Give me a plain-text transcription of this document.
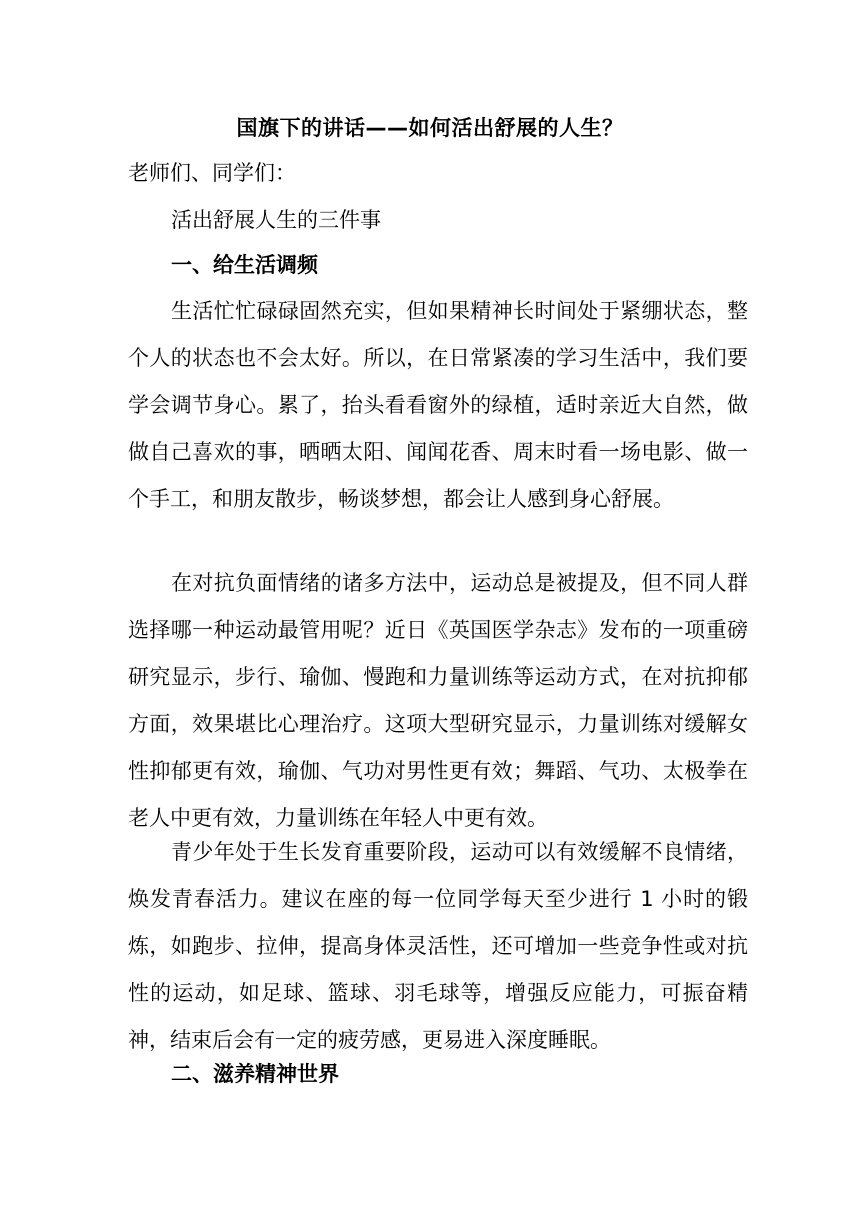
国旗下的讲话——如何活出舒展的人生？
老师们、同学们：
活出舒展人生的三件事
一、给生活调频
生活忙忙碌碌固然充实，但如果精神长时间处于紧绷状态，整个人的状态也不会太好。所以，在日常紧凑的学习生活中，我们要学会调节身心。累了，抬头看看窗外的绿植，适时亲近大自然，做做自己喜欢的事，晒晒太阳、闻闻花香、周末时看一场电影、做一个手工，和朋友散步，畅谈梦想，都会让人感到身心舒展。
在对抗负面情绪的诸多方法中，运动总是被提及，但不同人群选择哪一种运动最管用呢？近日《英国医学杂志》发布的一项重磅研究显示，步行、瑜伽、慢跑和力量训练等运动方式，在对抗抑郁方面，效果堪比心理治疗。这项大型研究显示，力量训练对缓解女性抑郁更有效，瑜伽、气功对男性更有效；舞蹈、气功、太极拳在老人中更有效，力量训练在年轻人中更有效。
青少年处于生长发育重要阶段，运动可以有效缓解不良情绪，焕发青春活力。建议在座的每一位同学每天至少进行 1 小时的锻炼，如跑步、拉伸，提高身体灵活性，还可增加一些竞争性或对抗性的运动，如足球、篮球、羽毛球等，增强反应能力，可振奋精神，结束后会有一定的疲劳感，更易进入深度睡眠。
二、滋养精神世界
